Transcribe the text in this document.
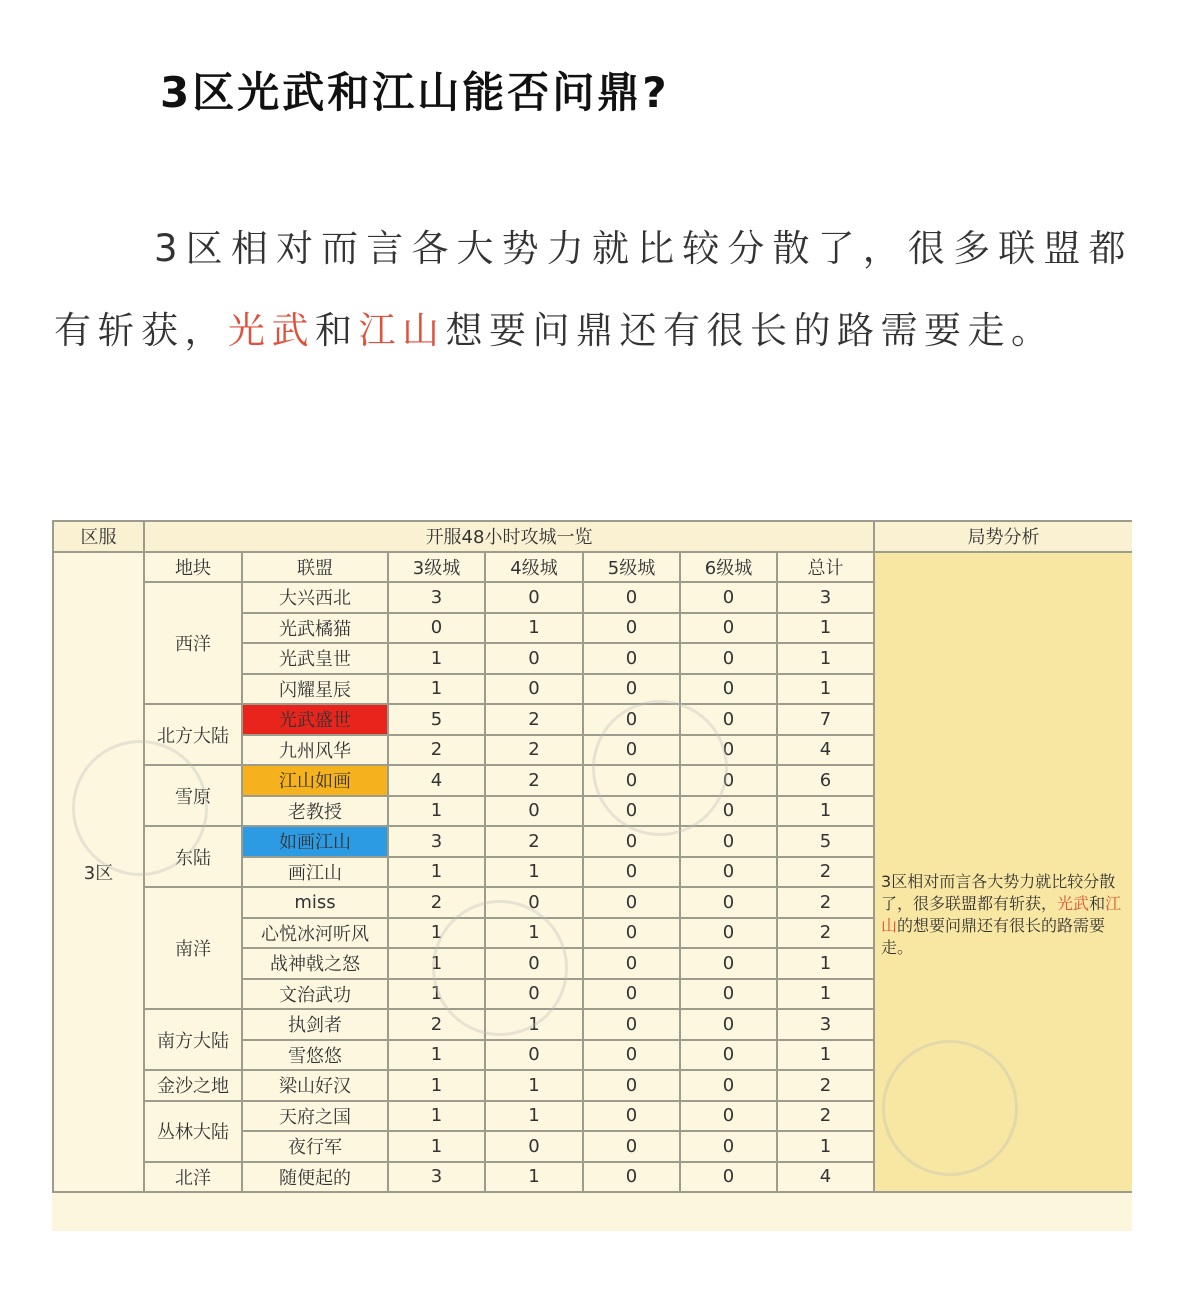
3区光武和江山能否问鼎?
3区相对而言各大势力就比较分散了，很多联盟都有斩获，光武和江山想要问鼎还有很长的路需要走。
区服	开服48小时攻城一览							局势分析
3区	地块	联盟	3级城	4级城	5级城	6级城	总计	3区相对而言各大势力就比较分散了，很多联盟都有斩获，光武和江山的想要问鼎还有很长的路需要走。

	西洋	大兴西北	3	0	0	0	3	
		光武橘猫	0	1	0	0	1	
		光武皇世	1	0	0	0	1	
		闪耀星辰	1	0	0	0	1	
	北方大陆	光武盛世	5	2	0	0	7	
		九州风华	2	2	0	0	4	
	雪原	江山如画	4	2	0	0	6	
		老教授	1	0	0	0	1	
	东陆	如画江山	3	2	0	0	5	
		画江山	1	1	0	0	2	
	南洋	miss	2	0	0	0	2	
		心悦冰河听风	1	1	0	0	2	
		战神戟之怒	1	0	0	0	1	
		文治武功	1	0	0	0	1	
	南方大陆	执剑者	2	1	0	0	3	
		雪悠悠	1	0	0	0	1	
	金沙之地	梁山好汉	1	1	0	0	2	
	丛林大陆	天府之国	1	1	0	0	2	
		夜行军	1	0	0	0	1	
	北洋	随便起的	3	1	0	0	4	
